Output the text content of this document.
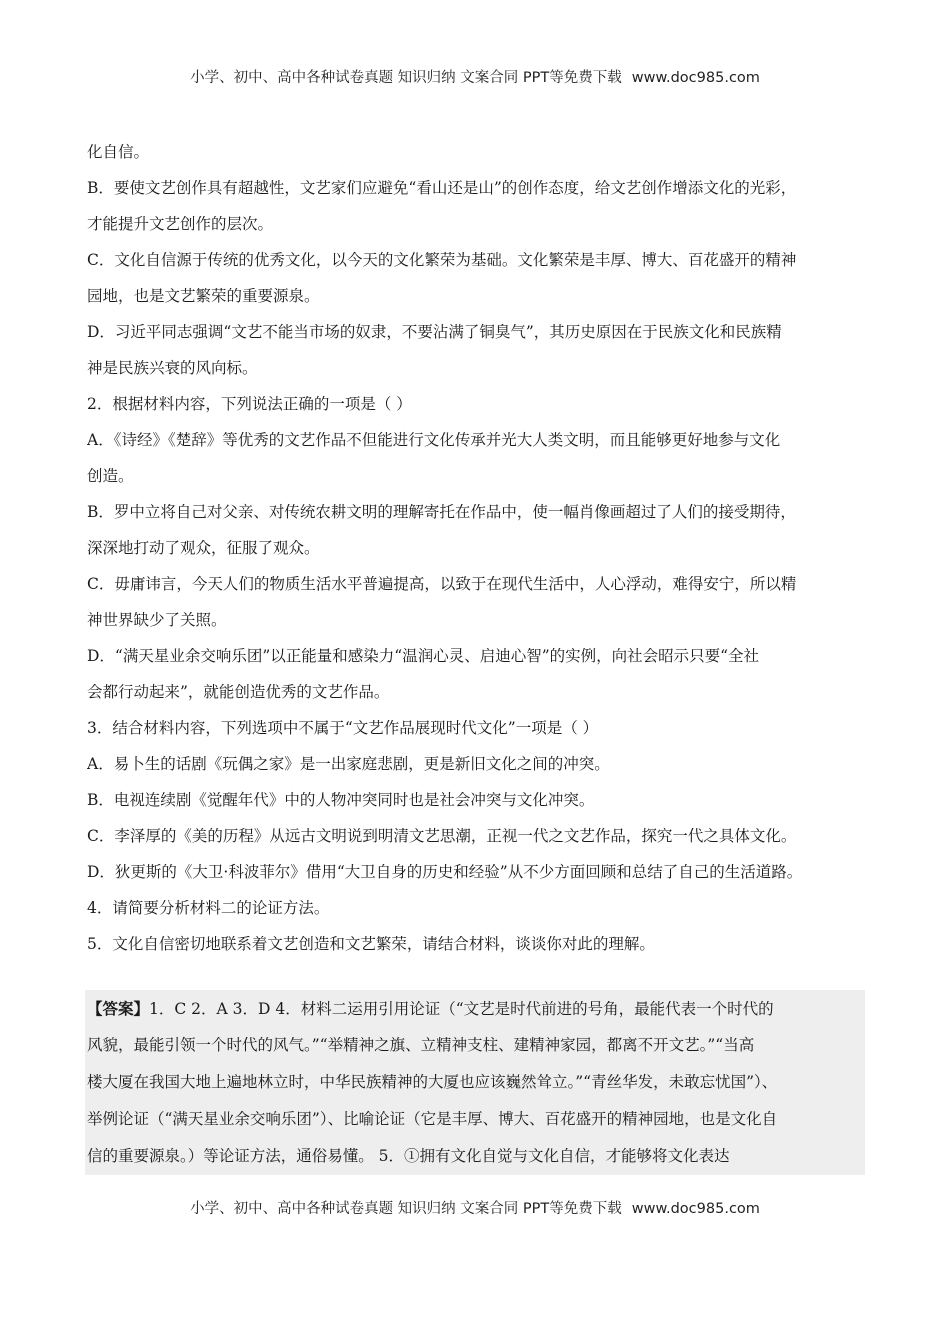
小学、初中、高中各种试卷真题 知识归纳 文案合同 PPT等免费下载 www.doc985.com
化自信。
B．要使文艺创作具有超越性，文艺家们应避免“看山还是山”的创作态度，给文艺创作增添文化的光彩，
才能提升文艺创作的层次。
C．文化自信源于传统的优秀文化，以今天的文化繁荣为基础。文化繁荣是丰厚、博大、百花盛开的精神
园地，也是文艺繁荣的重要源泉。
D．习近平同志强调“文艺不能当市场的奴隶，不要沾满了铜臭气”，其历史原因在于民族文化和民族精
神是民族兴衰的风向标。
2．根据材料内容，下列说法正确的一项是（ ）
A．《诗经》《楚辞》等优秀的文艺作品不但能进行文化传承并光大人类文明，而且能够更好地参与文化
创造。
B．罗中立将自己对父亲、对传统农耕文明的理解寄托在作品中，使一幅肖像画超过了人们的接受期待，
深深地打动了观众，征服了观众。
C．毋庸讳言，今天人们的物质生活水平普遍提高，以致于在现代生活中，人心浮动，难得安宁，所以精
神世界缺少了关照。
D．“满天星业余交响乐团”以正能量和感染力“温润心灵、启迪心智”的实例，向社会昭示只要“全社
会都行动起来”，就能创造优秀的文艺作品。
3．结合材料内容，下列选项中不属于“文艺作品展现时代文化”一项是（ ）
A．易卜生的话剧《玩偶之家》是一出家庭悲剧，更是新旧文化之间的冲突。
B．电视连续剧《觉醒年代》中的人物冲突同时也是社会冲突与文化冲突。
C．李泽厚的《美的历程》从远古文明说到明清文艺思潮，正视一代之文艺作品，探究一代之具体文化。
D．狄更斯的《大卫·科波菲尔》借用“大卫自身的历史和经验”从不少方面回顾和总结了自己的生活道路。
4．请简要分析材料二的论证方法。
5．文化自信密切地联系着文艺创造和文艺繁荣，请结合材料，谈谈你对此的理解。
【答案】1．C 2．A 3．D 4．材料二运用引用论证（“文艺是时代前进的号角，最能代表一个时代的
风貌，最能引领一个时代的风气。”“举精神之旗、立精神支柱、建精神家园，都离不开文艺。”“当高
楼大厦在我国大地上遍地林立时，中华民族精神的大厦也应该巍然耸立。”“青丝华发，未敢忘忧国”）、
举例论证（“满天星业余交响乐团”）、比喻论证（它是丰厚、博大、百花盛开的精神园地，也是文化自
信的重要源泉。）等论证方法，通俗易懂。 5．①拥有文化自觉与文化自信，才能够将文化表达
小学、初中、高中各种试卷真题 知识归纳 文案合同 PPT等免费下载 www.doc985.com
